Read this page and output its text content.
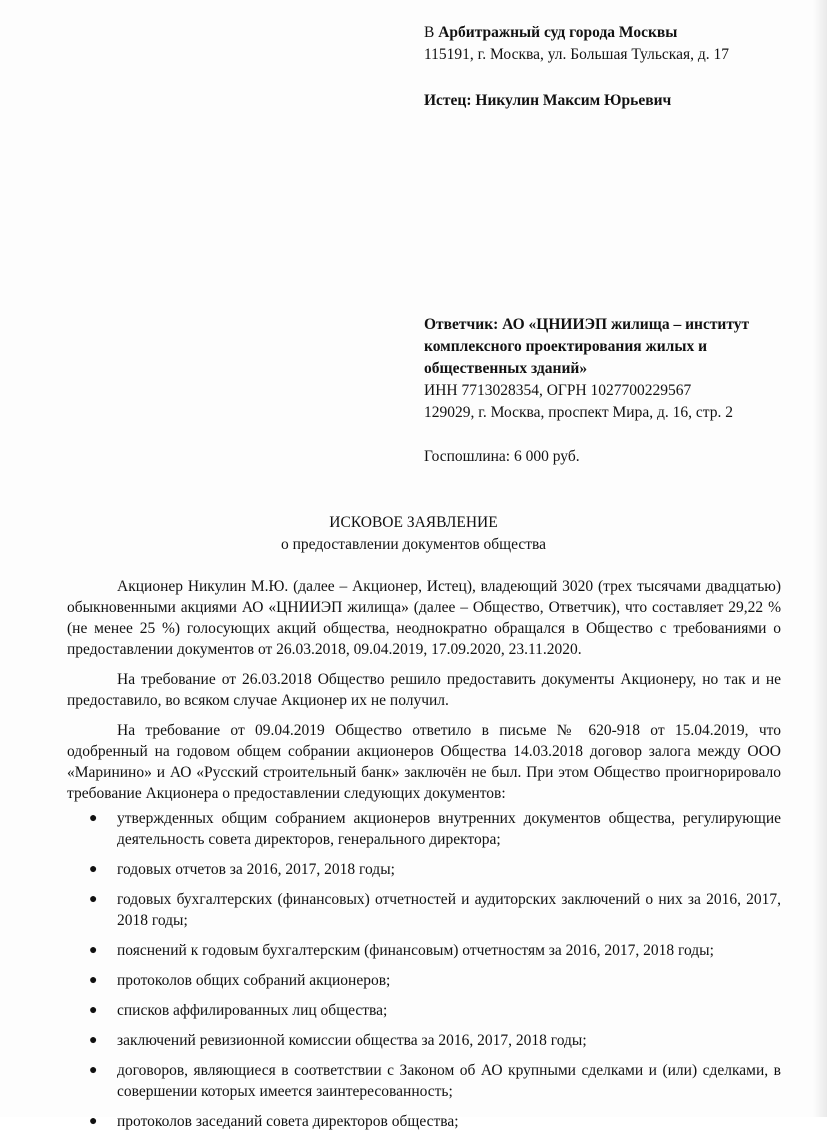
В Арбитражный суд города Москвы
115191, г. Москва, ул. Большая Тульская, д. 17
Истец: Никулин Максим Юрьевич
Ответчик: АО «ЦНИИЭП жилища – институт
комплексного проектирования жилых и
общественных зданий»
ИНН 7713028354, ОГРН 1027700229567
129029, г. Москва, проспект Мира, д. 16, стр. 2
Госпошлина: 6 000 руб.
ИСКОВОЕ ЗАЯВЛЕНИЕ
о предоставлении документов общества

Акционер Никулин М.Ю. (далее – Акционер, Истец), владеющий 3020 (трех тысячами двадцатью) обыкновенными акциями АО «ЦНИИЭП жилища» (далее – Общество, Ответчик), что составляет 29,22 % (не менее 25 %) голосующих акций общества, неоднократно обращался в Общество с требованиями о предоставлении документов от 26.03.2018, 09.04.2019, 17.09.2020, 23.11.2020.

На требование от 26.03.2018 Общество решило предоставить документы Акционеру, но так и не предоставило, во всяком случае Акционер их не получил.

На требование от 09.04.2019 Общество ответило в письме № 620-918 от 15.04.2019, что одобренный на годовом общем собрании акционеров Общества 14.03.2018 договор залога между ООО «Маринино» и АО «Русский строительный банк» заключён не был. При этом Общество проигнорировало требование Акционера о предоставлении следующих документов:

● утвержденных общим собранием акционеров внутренних документов общества, регулирующие деятельность совета директоров, генерального директора;
● годовых отчетов за 2016, 2017, 2018 годы;
● годовых бухгалтерских (финансовых) отчетностей и аудиторских заключений о них за 2016, 2017, 2018 годы;
● пояснений к годовым бухгалтерским (финансовым) отчетностям за 2016, 2017, 2018 годы;
● протоколов общих собраний акционеров;
● списков аффилированных лиц общества;
● заключений ревизионной комиссии общества за 2016, 2017, 2018 годы;
● договоров, являющиеся в соответствии с Законом об АО крупными сделками и (или) сделками, в совершении которых имеется заинтересованность;
● протоколов заседаний совета директоров общества;
